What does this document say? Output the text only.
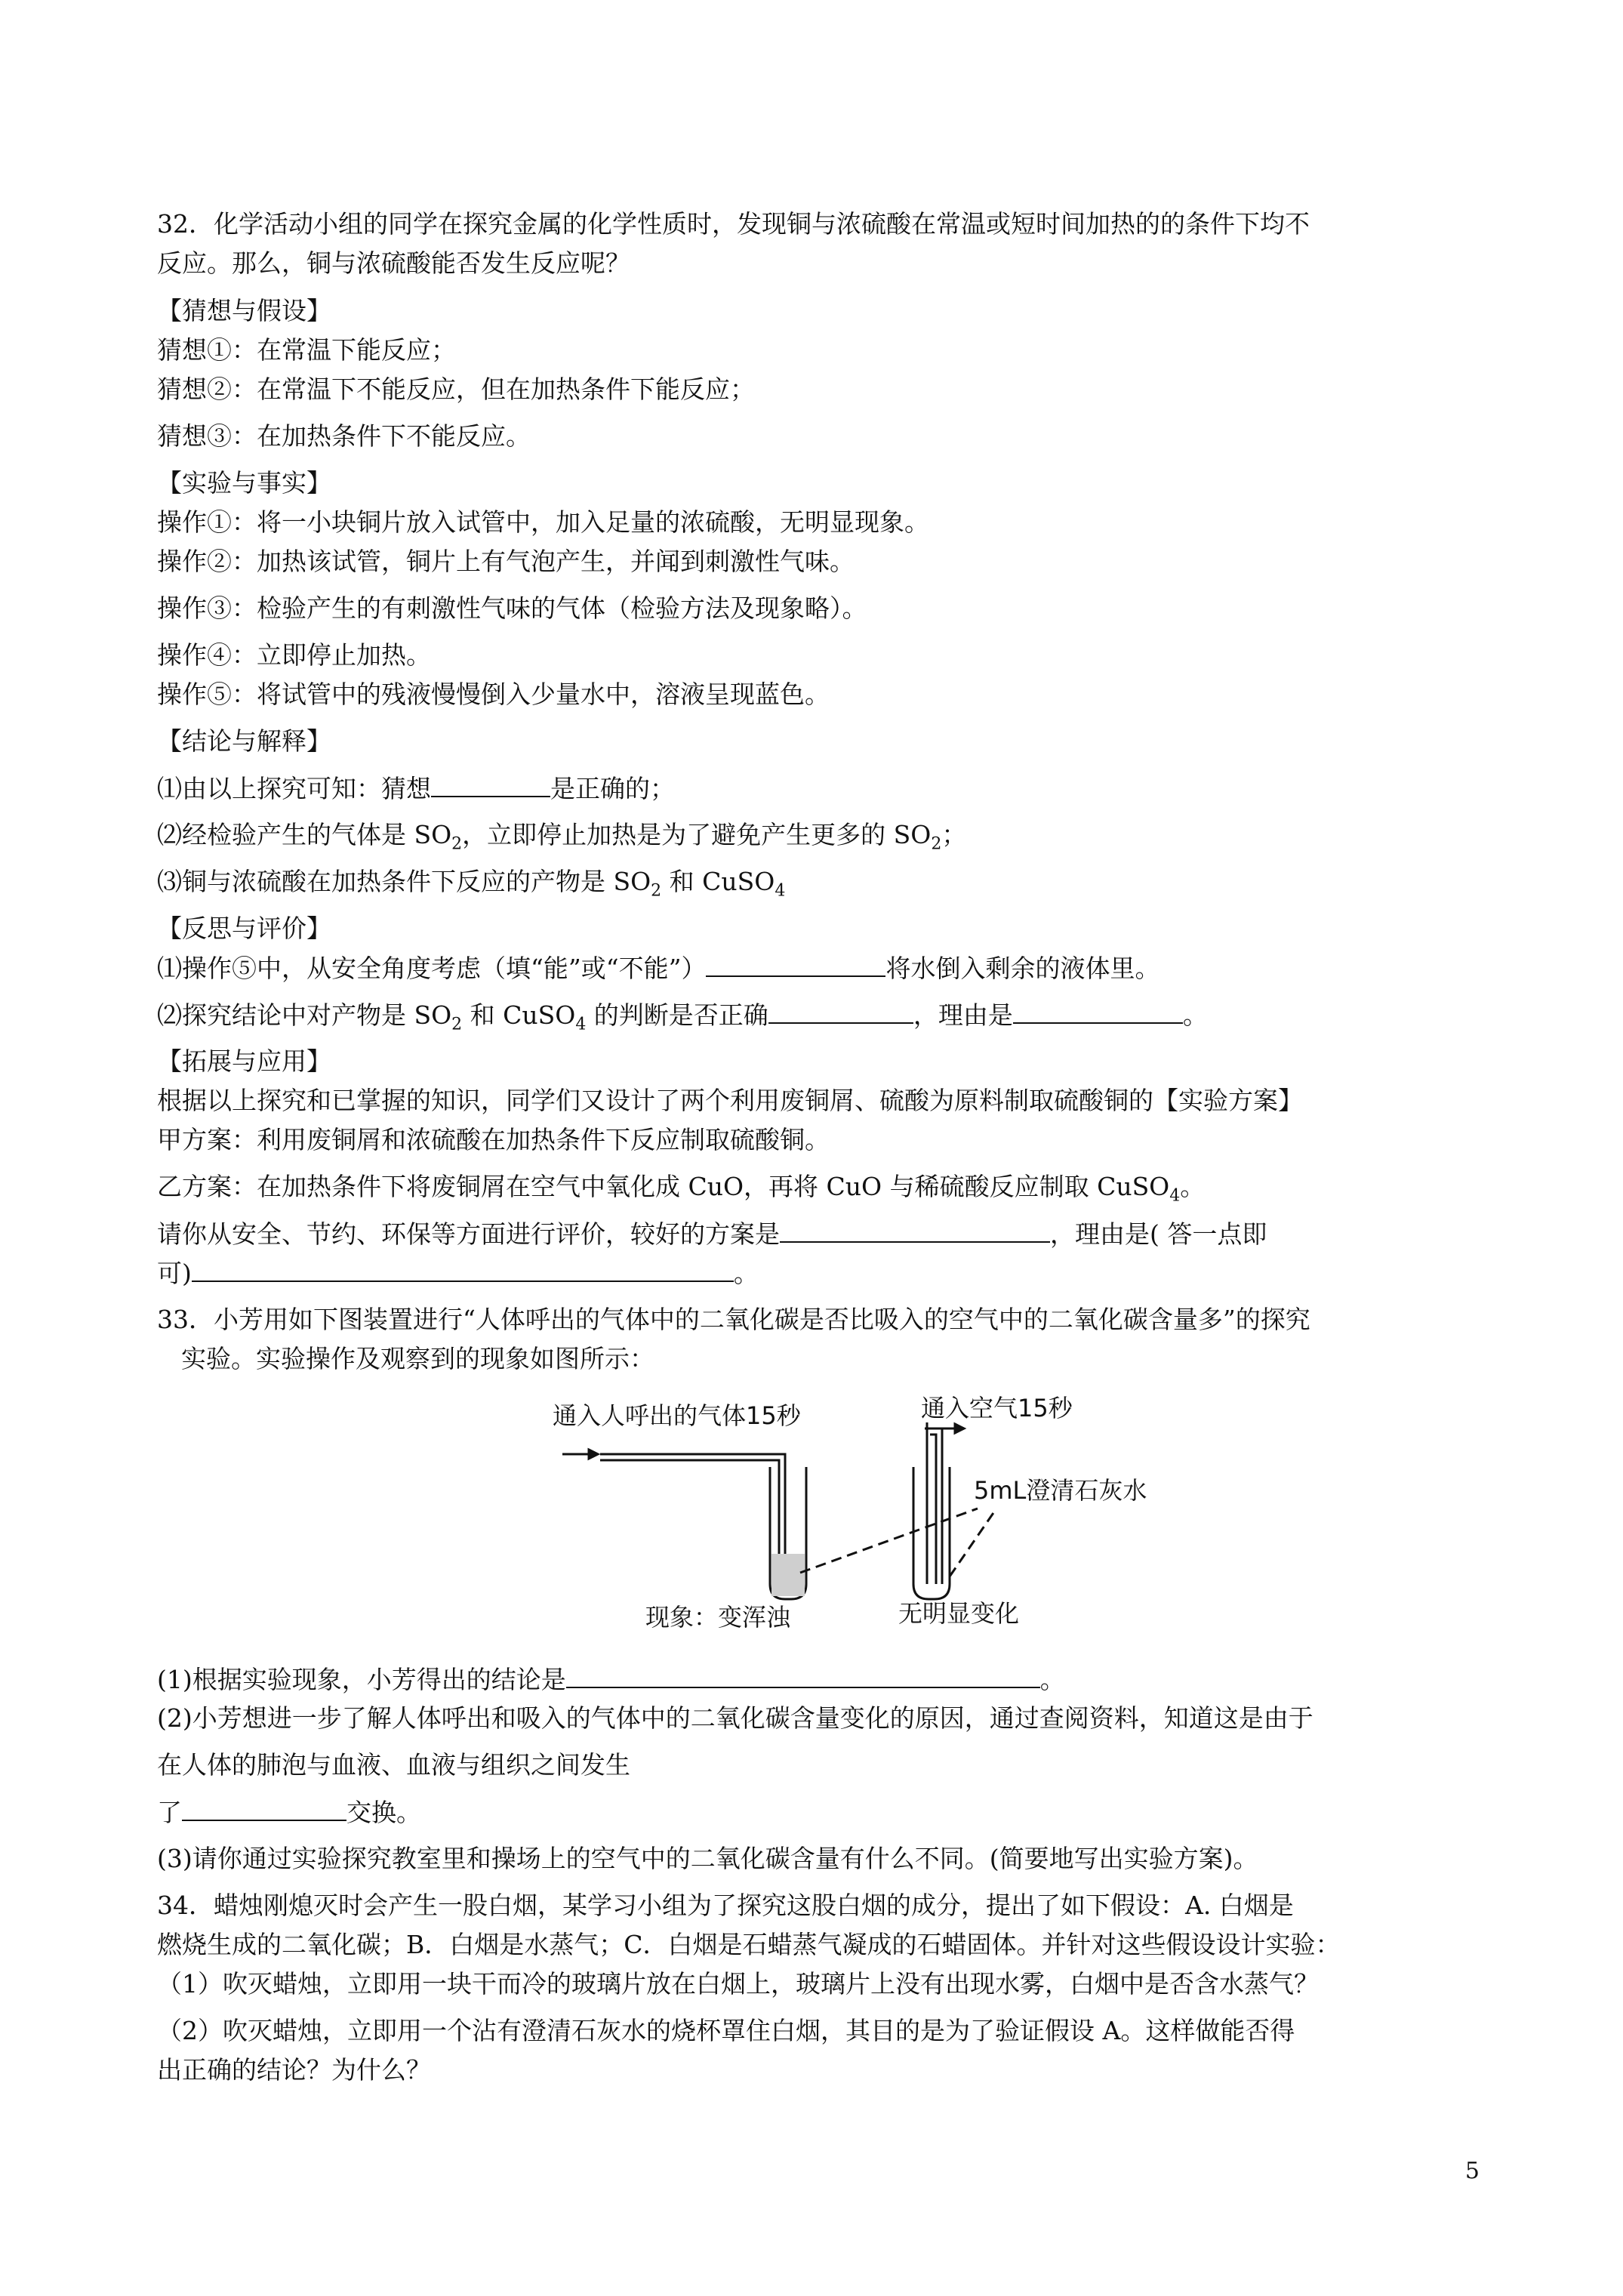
32．化学活动小组的同学在探究金属的化学性质时，发现铜与浓硫酸在常温或短时间加热的的条件下均不
反应。那么，铜与浓硫酸能否发生反应呢？
【猜想与假设】
猜想①：在常温下能反应；
猜想②：在常温下不能反应，但在加热条件下能反应；
猜想③：在加热条件下不能反应。
【实验与事实】
操作①：将一小块铜片放入试管中，加入足量的浓硫酸，无明显现象。
操作②：加热该试管，铜片上有气泡产生，并闻到刺激性气味。
操作③：检验产生的有刺激性气味的气体（检验方法及现象略）。
操作④：立即停止加热。
操作⑤：将试管中的残液慢慢倒入少量水中，溶液呈现蓝色。
【结论与解释】
⑴由以上探究可知：猜想	是正确的；
⑵经检验产生的气体是 $SO_2$，立即停止加热是为了避免产生更多的 $SO_2$；
⑶铜与浓硫酸在加热条件下反应的产物是 $SO_2$ 和 CuSO$_4$
【反思与评价】
⑴操作⑤中，从安全角度考虑（填“能”或“不能”）	将水倒入剩余的液体里。
⑵探究结论中对产物是 $SO_2$ 和 CuSO$_4$ 的判断是否正确	，理由是	。
【拓展与应用】
根据以上探究和已掌握的知识，同学们又设计了两个利用废铜屑、硫酸为原料制取硫酸铜的【实验方案】
甲方案：利用废铜屑和浓硫酸在加热条件下反应制取硫酸铜。
乙方案：在加热条件下将废铜屑在空气中氧化成 CuO，再将 CuO 与稀硫酸反应制取 CuSO$_4$。
请你从安全、节约、环保等方面进行评价，较好的方案是	，理由是( 答一点即
可)	。
33．小芳用如下图装置进行“人体呼出的气体中的二氧化碳是否比吸入的空气中的二氧化碳含量多”的探究
实验。实验操作及观察到的现象如图所示：
通入人呼出的气体15秒	通入空气15秒
5mL澄清石灰水
现象：变浑浊	无明显变化
(1)根据实验现象，小芳得出的结论是	。
(2)小芳想进一步了解人体呼出和吸入的气体中的二氧化碳含量变化的原因，通过查阅资料，知道这是由于
在人体的肺泡与血液、血液与组织之间发生
了	交换。
(3)请你通过实验探究教室里和操场上的空气中的二氧化碳含量有什么不同。(简要地写出实验方案)。
34．蜡烛刚熄灭时会产生一股白烟，某学习小组为了探究这股白烟的成分，提出了如下假设：A. 白烟是
燃烧生成的二氧化碳；B．白烟是水蒸气；C．白烟是石蜡蒸气凝成的石蜡固体。并针对这些假设设计实验：
（1）吹灭蜡烛，立即用一块干而冷的玻璃片放在白烟上，玻璃片上没有出现水雾，白烟中是否含水蒸气？
（2）吹灭蜡烛，立即用一个沾有澄清石灰水的烧杯罩住白烟，其目的是为了验证假设 A。这样做能否得
出正确的结论？为什么？
5
